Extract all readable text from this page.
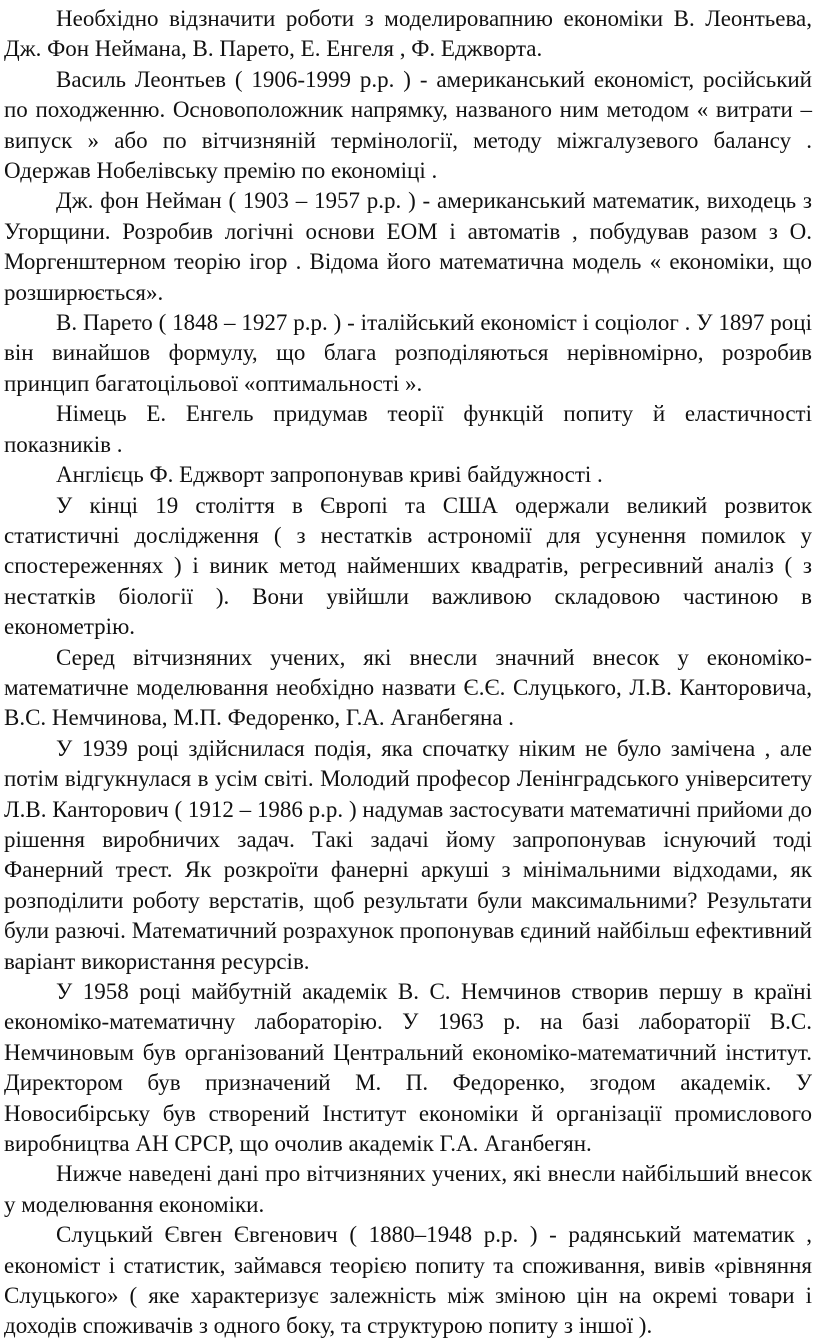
Необхідно відзначити роботи з моделировапнию економіки В. Леонтьева, Дж. Фон Неймана, В. Парето, Е. Енгеля , Ф. Еджворта.

Василь Леонтьев ( 1906-1999 р.р. ) - американський економіст, російський по походженню. Основоположник напрямку, названого ним методом « витрати – випуск » або по вітчизняній термінології, методу міжгалузевого балансу . Одержав Нобелівську премію по економіці .

Дж. фон Нейман ( 1903 – 1957 р.р. ) - американський математик, виходець з Угорщини. Розробив логічні основи ЕОМ і автоматів , побудував разом з О. Моргенштерном теорію ігор . Відома його математична модель « економіки, що розширюється».

В. Парето ( 1848 – 1927 р.р. ) - італійський економіст і соціолог . У 1897 році він винайшов формулу, що блага розподіляються нерівномірно, розробив принцип багатоцільової «оптимальності ».

Німець Е. Енгель придумав теорії функцій попиту й еластичності показників .

Англієць Ф. Еджворт запропонував криві байдужності .

У кінці 19 століття в Європі та США одержали великий розвиток статистичні дослідження ( з нестатків астрономії для усунення помилок у спостереженнях ) і виник метод найменших квадратів, регресивний аналіз ( з нестатків біології ). Вони увійшли важливою складовою частиною в економетрію.

Серед вітчизняних учених, які внесли значний внесок у економіко-математичне моделювання необхідно назвати Є.Є. Слуцького, Л.В. Канторовича, В.С. Немчинова, М.П. Федоренко, Г.А. Аганбегяна .

У 1939 році здійснилася подія, яка спочатку ніким не було замічена , але потім відгукнулася в усім світі. Молодий професор Ленінградського університету Л.В. Канторович ( 1912 – 1986 р.р. ) надумав застосувати математичні прийоми до рішення виробничих задач. Такі задачі йому запропонував існуючий тоді Фанерний трест. Як розкроїти фанерні аркуші з мінімальними відходами, як розподілити роботу верстатів, щоб результати були максимальними? Результати були разючі. Математичний розрахунок пропонував єдиний найбільш ефективний варіант використання ресурсів.

У 1958 році майбутній академік В. С. Немчинов створив першу в країні економіко-математичну лабораторію. У 1963 р. на базі лабораторії В.С. Немчиновым був організований Центральний економіко-математичний інститут. Директором був призначений М. П. Федоренко, згодом академік. У Новосибірську був створений Інститут економіки й організації промислового виробництва АН СРСР, що очолив академік Г.А. Аганбегян.

Нижче наведені дані про вітчизняних учених, які внесли найбільший внесок у моделювання економіки.

Слуцький Євген Євгенович ( 1880–1948 р.р. ) - радянський математик , економіст і статистик, займався теорією попиту та споживання, вивів «рівняння Слуцького» ( яке характеризує залежність між зміною цін на окремі товари і доходів споживачів з одного боку, та структурою попиту з іншої ).
